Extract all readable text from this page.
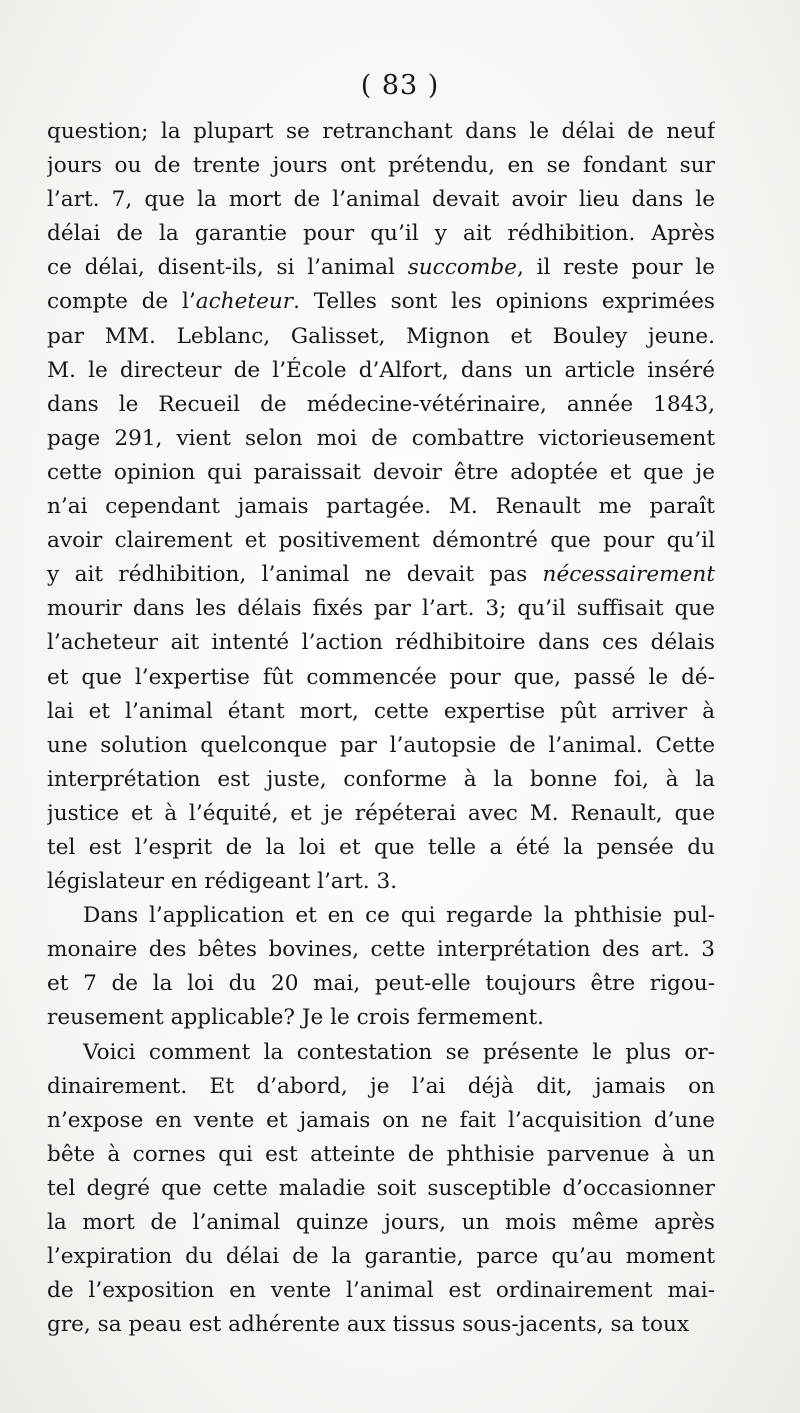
( 83 )
question; la plupart se retranchant dans le délai de neuf
jours ou de trente jours ont prétendu, en se fondant sur
l’art. 7, que la mort de l’animal devait avoir lieu dans le
délai de la garantie pour qu’il y ait rédhibition. Après
ce délai, disent-ils, si l’animal succombe, il reste pour le
compte de l’acheteur. Telles sont les opinions exprimées
par MM. Leblanc, Galisset, Mignon et Bouley jeune.
M. le directeur de l’École d’Alfort, dans un article inséré
dans le Recueil de médecine-vétérinaire, année 1843,
page 291, vient selon moi de combattre victorieusement
cette opinion qui paraissait devoir être adoptée et que je
n’ai cependant jamais partagée. M. Renault me paraît
avoir clairement et positivement démontré que pour qu’il
y ait rédhibition, l’animal ne devait pas nécessairement
mourir dans les délais fixés par l’art. 3; qu’il suffisait que
l’acheteur ait intenté l’action rédhibitoire dans ces délais
et que l’expertise fût commencée pour que, passé le dé-
lai et l’animal étant mort, cette expertise pût arriver à
une solution quelconque par l’autopsie de l’animal. Cette
interprétation est juste, conforme à la bonne foi, à la
justice et à l’équité, et je répéterai avec M. Renault, que
tel est l’esprit de la loi et que telle a été la pensée du
législateur en rédigeant l’art. 3.
Dans l’application et en ce qui regarde la phthisie pul-
monaire des bêtes bovines, cette interprétation des art. 3
et 7 de la loi du 20 mai, peut-elle toujours être rigou-
reusement applicable? Je le crois fermement.
Voici comment la contestation se présente le plus or-
dinairement. Et d’abord, je l’ai déjà dit, jamais on
n’expose en vente et jamais on ne fait l’acquisition d’une
bête à cornes qui est atteinte de phthisie parvenue à un
tel degré que cette maladie soit susceptible d’occasionner
la mort de l’animal quinze jours, un mois même après
l’expiration du délai de la garantie, parce qu’au moment
de l’exposition en vente l’animal est ordinairement mai-
gre, sa peau est adhérente aux tissus sous-jacents, sa toux
